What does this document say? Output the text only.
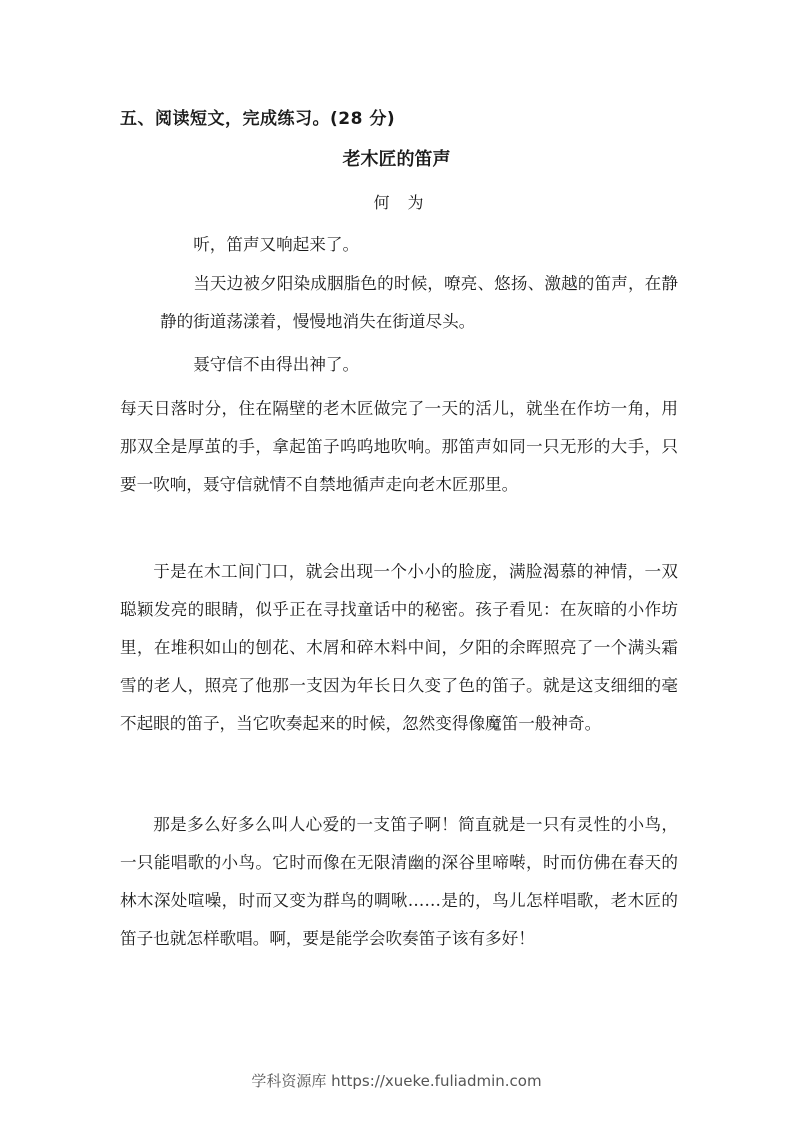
五、阅读短文，完成练习。(28 分)
老木匠的笛声

何为

听，笛声又响起来了。

当天边被夕阳染成胭脂色的时候，嘹亮、悠扬、激越的笛声，在静静的街道荡漾着，慢慢地消失在街道尽头。

聂守信不由得出神了。

每天日落时分，住在隔壁的老木匠做完了一天的活儿，就坐在作坊一角，用那双全是厚茧的手，拿起笛子呜呜地吹响。那笛声如同一只无形的大手，只要一吹响，聂守信就情不自禁地循声走向老木匠那里。

于是在木工间门口，就会出现一个小小的脸庞，满脸渴慕的神情，一双聪颖发亮的眼睛，似乎正在寻找童话中的秘密。孩子看见：在灰暗的小作坊里，在堆积如山的刨花、木屑和碎木料中间，夕阳的余晖照亮了一个满头霜雪的老人，照亮了他那一支因为年长日久变了色的笛子。就是这支细细的毫不起眼的笛子，当它吹奏起来的时候，忽然变得像魔笛一般神奇。

那是多么好多么叫人心爱的一支笛子啊！简直就是一只有灵性的小鸟，一只能唱歌的小鸟。它时而像在无限清幽的深谷里啼啭，时而仿佛在春天的林木深处喧噪，时而又变为群鸟的啁啾……是的，鸟儿怎样唱歌，老木匠的笛子也就怎样歌唱。啊，要是能学会吹奏笛子该有多好！

学科资源库 https://xueke.fuliadmin.com
